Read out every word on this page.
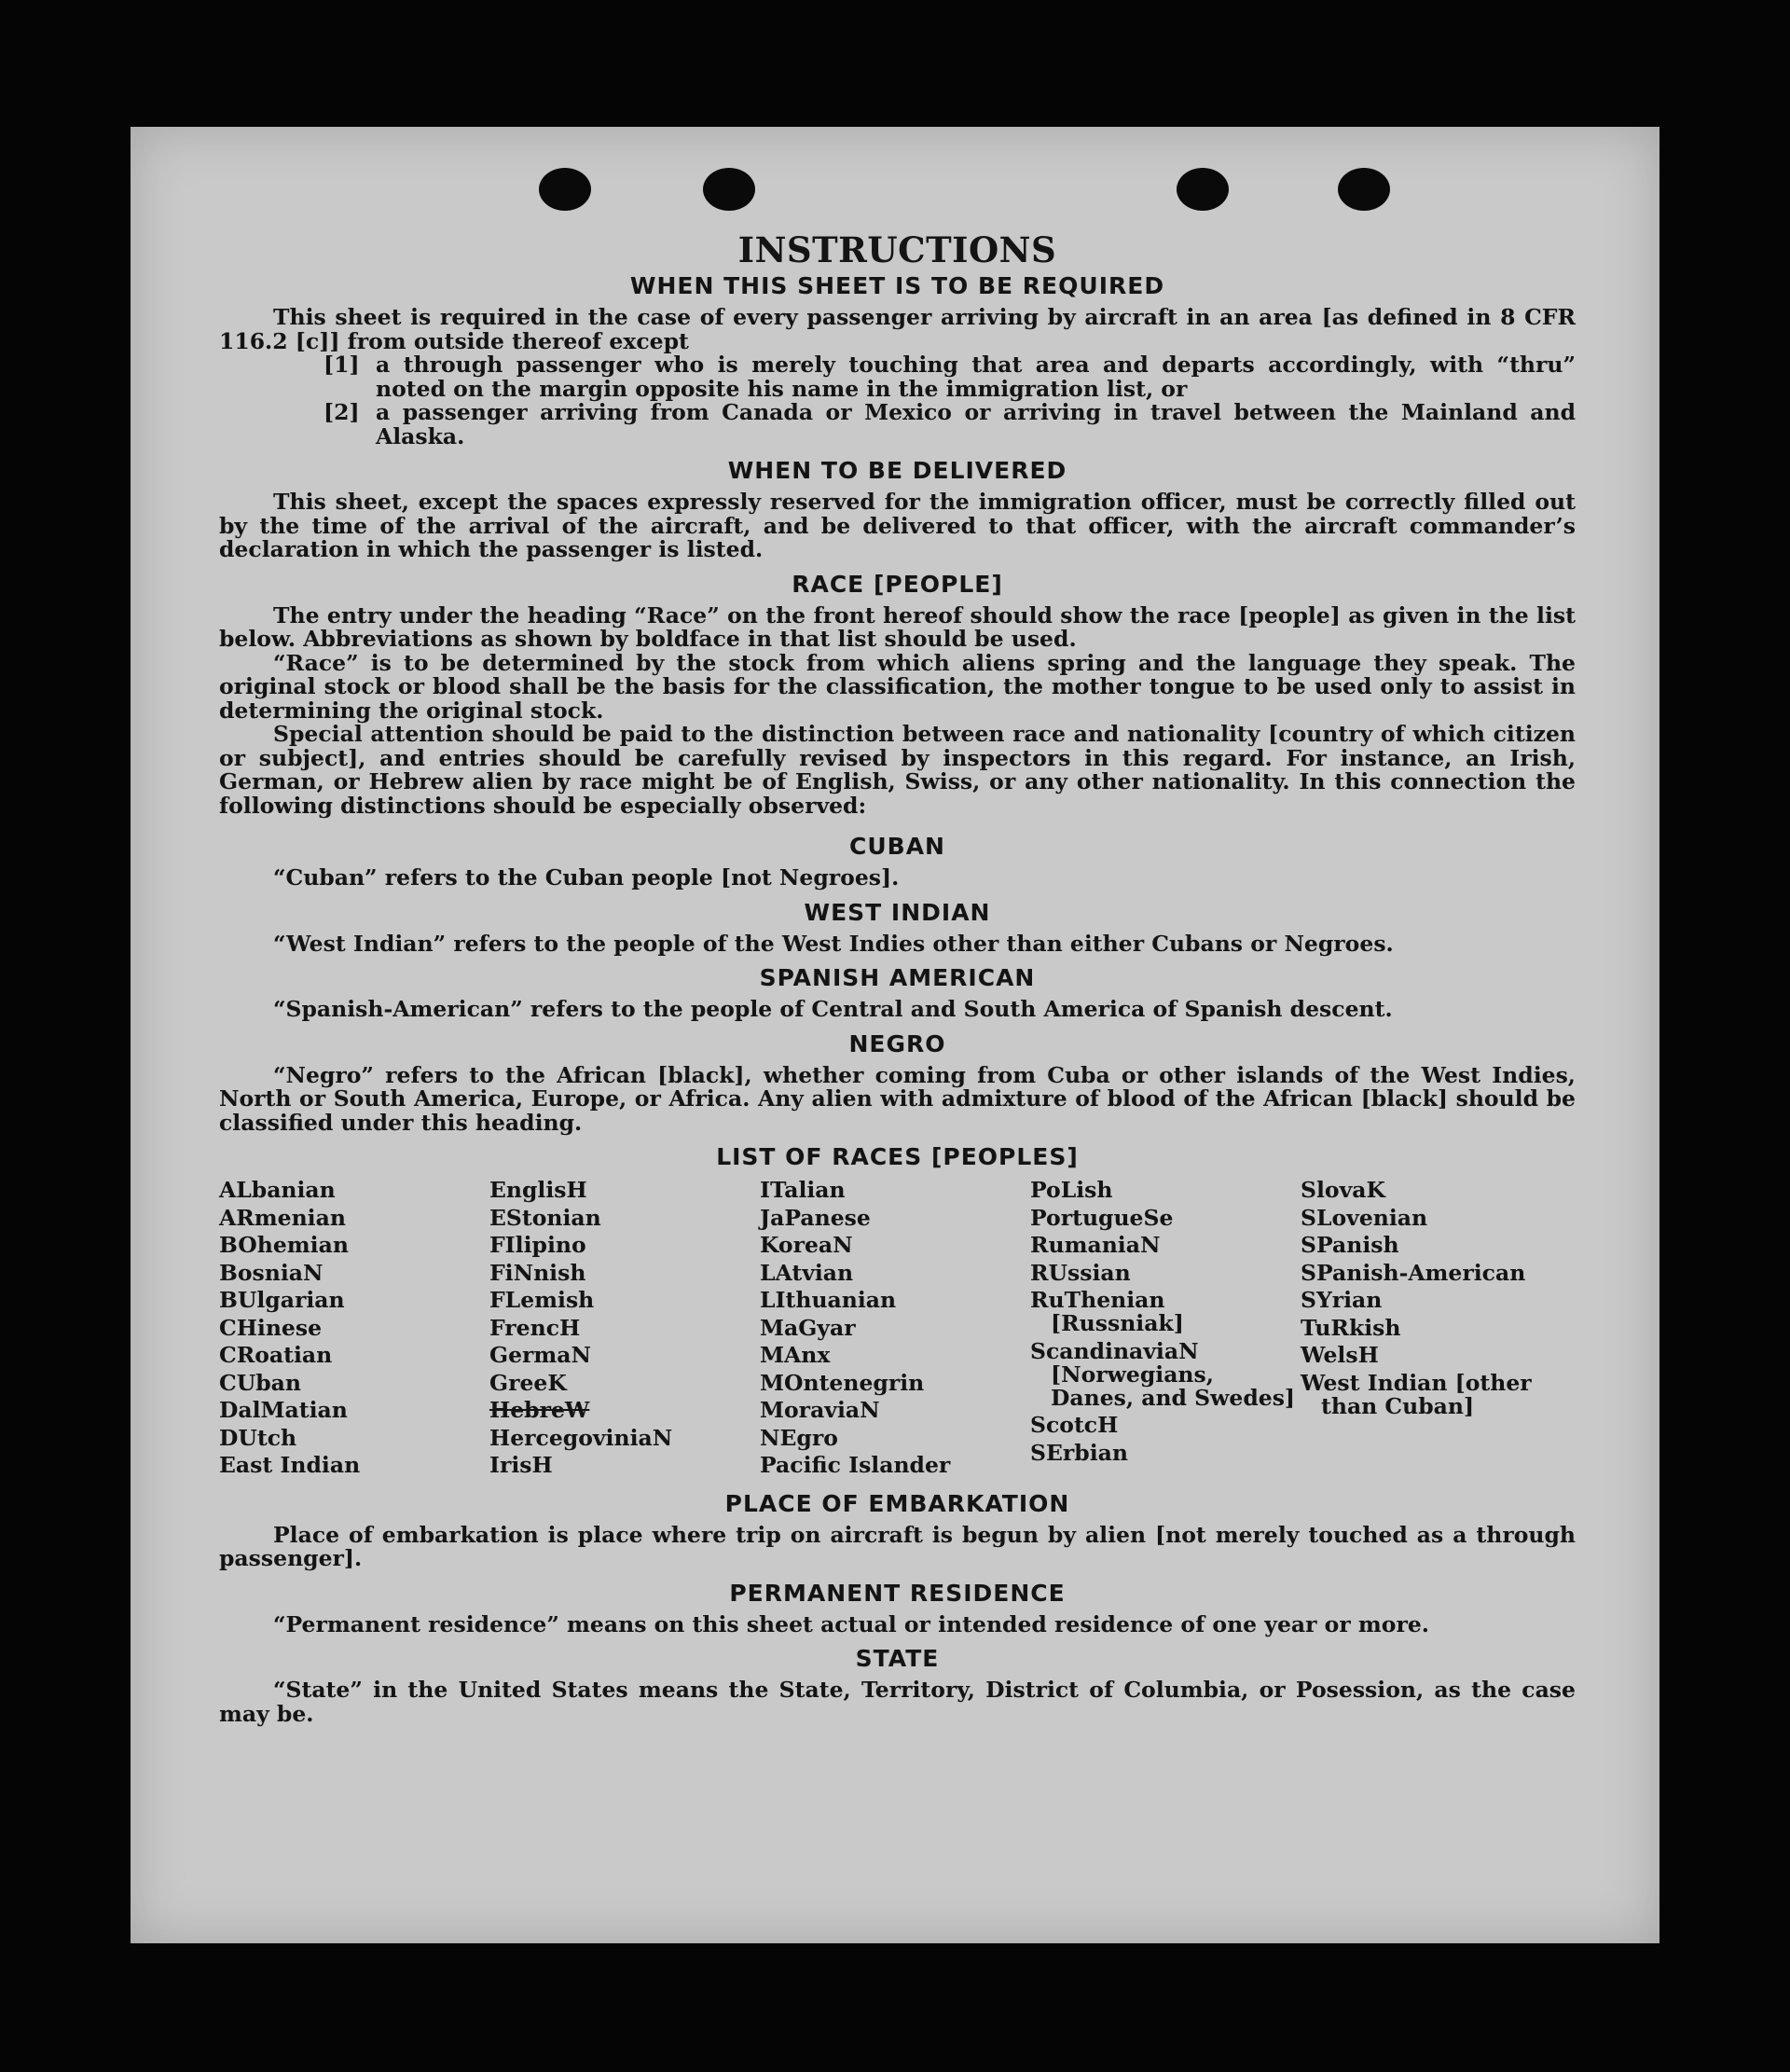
INSTRUCTIONS
WHEN THIS SHEET IS TO BE REQUIRED

This sheet is required in the case of every passenger arriving by aircraft in an area [as defined in 8 CFR 116.2 [c]] from outside thereof except

[1] a through passenger who is merely touching that area and departs accordingly, with “thru” noted on the margin opposite his name in the immigration list, or
[2] a passenger arriving from Canada or Mexico or arriving in travel between the Mainland and Alaska.
WHEN TO BE DELIVERED

This sheet, except the spaces expressly reserved for the immigration officer, must be correctly filled out by the time of the arrival of the aircraft, and be delivered to that officer, with the aircraft commander’s declaration in which the passenger is listed.

RACE [PEOPLE]

The entry under the heading “Race” on the front hereof should show the race [people] as given in the list below. Abbreviations as shown by boldface in that list should be used.

“Race” is to be determined by the stock from which aliens spring and the language they speak. The original stock or blood shall be the basis for the classification, the mother tongue to be used only to assist in determining the original stock.

Special attention should be paid to the distinction between race and nationality [country of which citizen or subject], and entries should be carefully revised by inspectors in this regard. For instance, an Irish, German, or Hebrew alien by race might be of English, Swiss, or any other nationality. In this connection the following distinctions should be especially observed:

CUBAN

“Cuban” refers to the Cuban people [not Negroes].

WEST INDIAN

“West Indian” refers to the people of the West Indies other than either Cubans or Negroes.

SPANISH AMERICAN

“Spanish-American” refers to the people of Central and South America of Spanish descent.

NEGRO

“Negro” refers to the African [black], whether coming from Cuba or other islands of the West Indies, North or South America, Europe, or Africa. Any alien with admixture of blood of the African [black] should be classified under this heading.

LIST OF RACES [PEOPLES]
ALbanian
ARmenian
BOhemian
BosniaN
BUlgarian
CHinese
CRoatian
CUban
DalMatian
DUtch
East Indian
EnglisH
EStonian
FIlipino
FiNnish
FLemish
FrencH
GermaN
GreeK
HebreW
HercegoviniaN
IrisH
ITalian
JaPanese
KoreaN
LAtvian
LIthuanian
MaGyar
MAnx
MOntenegrin
MoraviaN
NEgro
Pacific Islander
PoLish
PortugueSe
RumaniaN
RUssian
RuThenian [Russniak]
ScandinaviaN [Norwegians, Danes, and Swedes]
ScotcH
SErbian
SlovaK
SLovenian
SPanish
SPanish-American
SYrian
TuRkish
WelsH
West Indian [other than Cuban]
PLACE OF EMBARKATION

Place of embarkation is place where trip on aircraft is begun by alien [not merely touched as a through passenger].

PERMANENT RESIDENCE

“Permanent residence” means on this sheet actual or intended residence of one year or more.

STATE

“State” in the United States means the State, Territory, District of Columbia, or Posession, as the case may be.
